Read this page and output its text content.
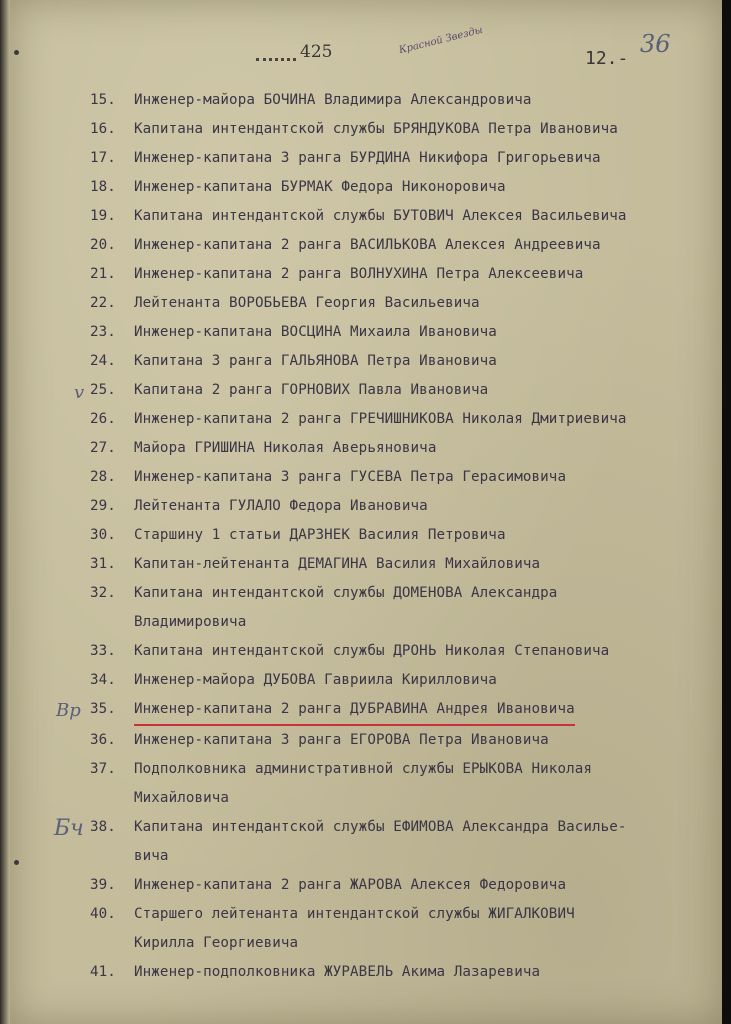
425	Красной Звезды
12.-
36
v
Вр
Бч
15.	Инженер-майора БОЧИНА Владимира Александровича
16.	Капитана интендантской службы БРЯНДУКОВА Петра Ивановича
17.	Инженер-капитана 3 ранга БУРДИНА Никифора Григорьевича
18.	Инженер-капитана БУРМАК Федора Никоноровича
19.	Капитана интендантской службы БУТОВИЧ Алексея Васильевича
20.	Инженер-капитана 2 ранга ВАСИЛЬКОВА Алексея Андреевича
21.	Инженер-капитана 2 ранга ВОЛНУХИНА Петра Алексеевича
22.	Лейтенанта ВОРОБЬЕВА Георгия Васильевича
23.	Инженер-капитана ВОСЦИНА Михаила Ивановича
24.	Капитана 3 ранга ГАЛЬЯНОВА Петра Ивановича
25.	Капитана 2 ранга ГОРНОВИХ Павла Ивановича
26.	Инженер-капитана 2 ранга ГРЕЧИШНИКОВА Николая Дмитриевича
27.	Майора ГРИШИНА Николая Аверьяновича
28.	Инженер-капитана 3 ранга ГУСЕВА Петра Герасимовича
29.	Лейтенанта ГУЛАЛО Федора Ивановича
30.	Старшину 1 статьи ДАРЗНЕК Василия Петровича
31.	Капитан-лейтенанта ДЕМАГИНА Василия Михайловича
32.	Капитана интендантской службы ДОМЕНОВА Александра
Владимировича
33.	Капитана интендантской службы ДРОНЬ Николая Степановича
34.	Инженер-майора ДУБОВА Гавриила Кирилловича
35.	Инженер-капитана 2 ранга ДУБРАВИНА Андрея Ивановича
36.	Инженер-капитана 3 ранга ЕГОРОВА Петра Ивановича
37.	Подполковника административной службы ЕРЫКОВА Николая
Михайловича
38.	Капитана интендантской службы ЕФИМОВА Александра Васильe-
вича
39.	Инженер-капитана 2 ранга ЖАРОВА Алексея Федоровича
40.	Старшего лейтенанта интендантской службы ЖИГАЛКОВИЧ
Кирилла Георгиевича
41.	Инженер-подполковника ЖУРАВЕЛЬ Акима Лазаревича
